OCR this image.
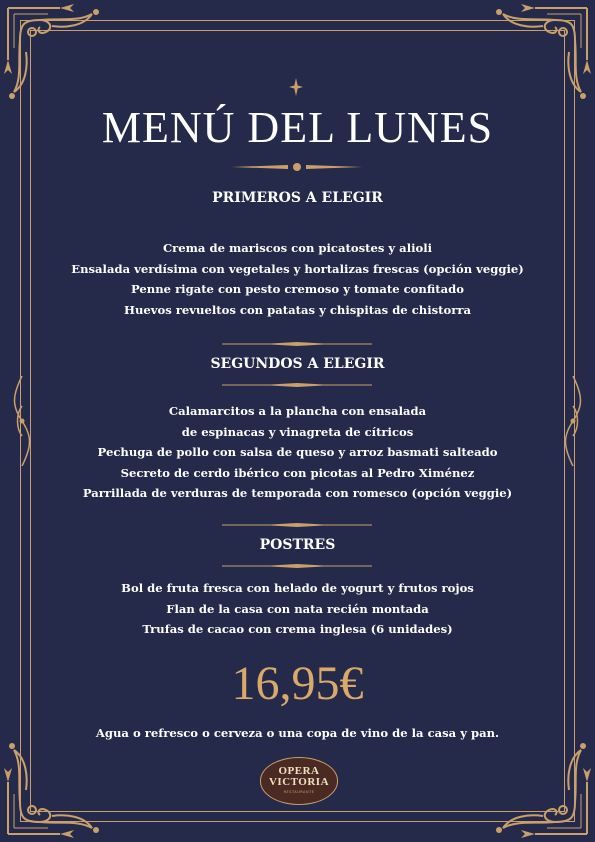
MENÚ DEL LUNES
PRIMEROS A ELEGIR
Crema de mariscos con picatostes y alioli
Ensalada verdísima con vegetales y hortalizas frescas (opción veggie)
Penne rigate con pesto cremoso y tomate confitado
Huevos revueltos con patatas y chispitas de chistorra
SEGUNDOS A ELEGIR
Calamarcitos a la plancha con ensalada
de espinacas y vinagreta de cítricos
Pechuga de pollo con salsa de queso y arroz basmati salteado
Secreto de cerdo ibérico con picotas al Pedro Ximénez
Parrillada de verduras de temporada con romesco (opción veggie)
POSTRES
Bol de fruta fresca con helado de yogurt y frutos rojos
Flan de la casa con nata recién montada
Trufas de cacao con crema inglesa (6 unidades)
16,95€
Agua o refresco o cerveza o una copa de vino de la casa y pan.
OPERA
VICTORIA
RESTAURANTE
